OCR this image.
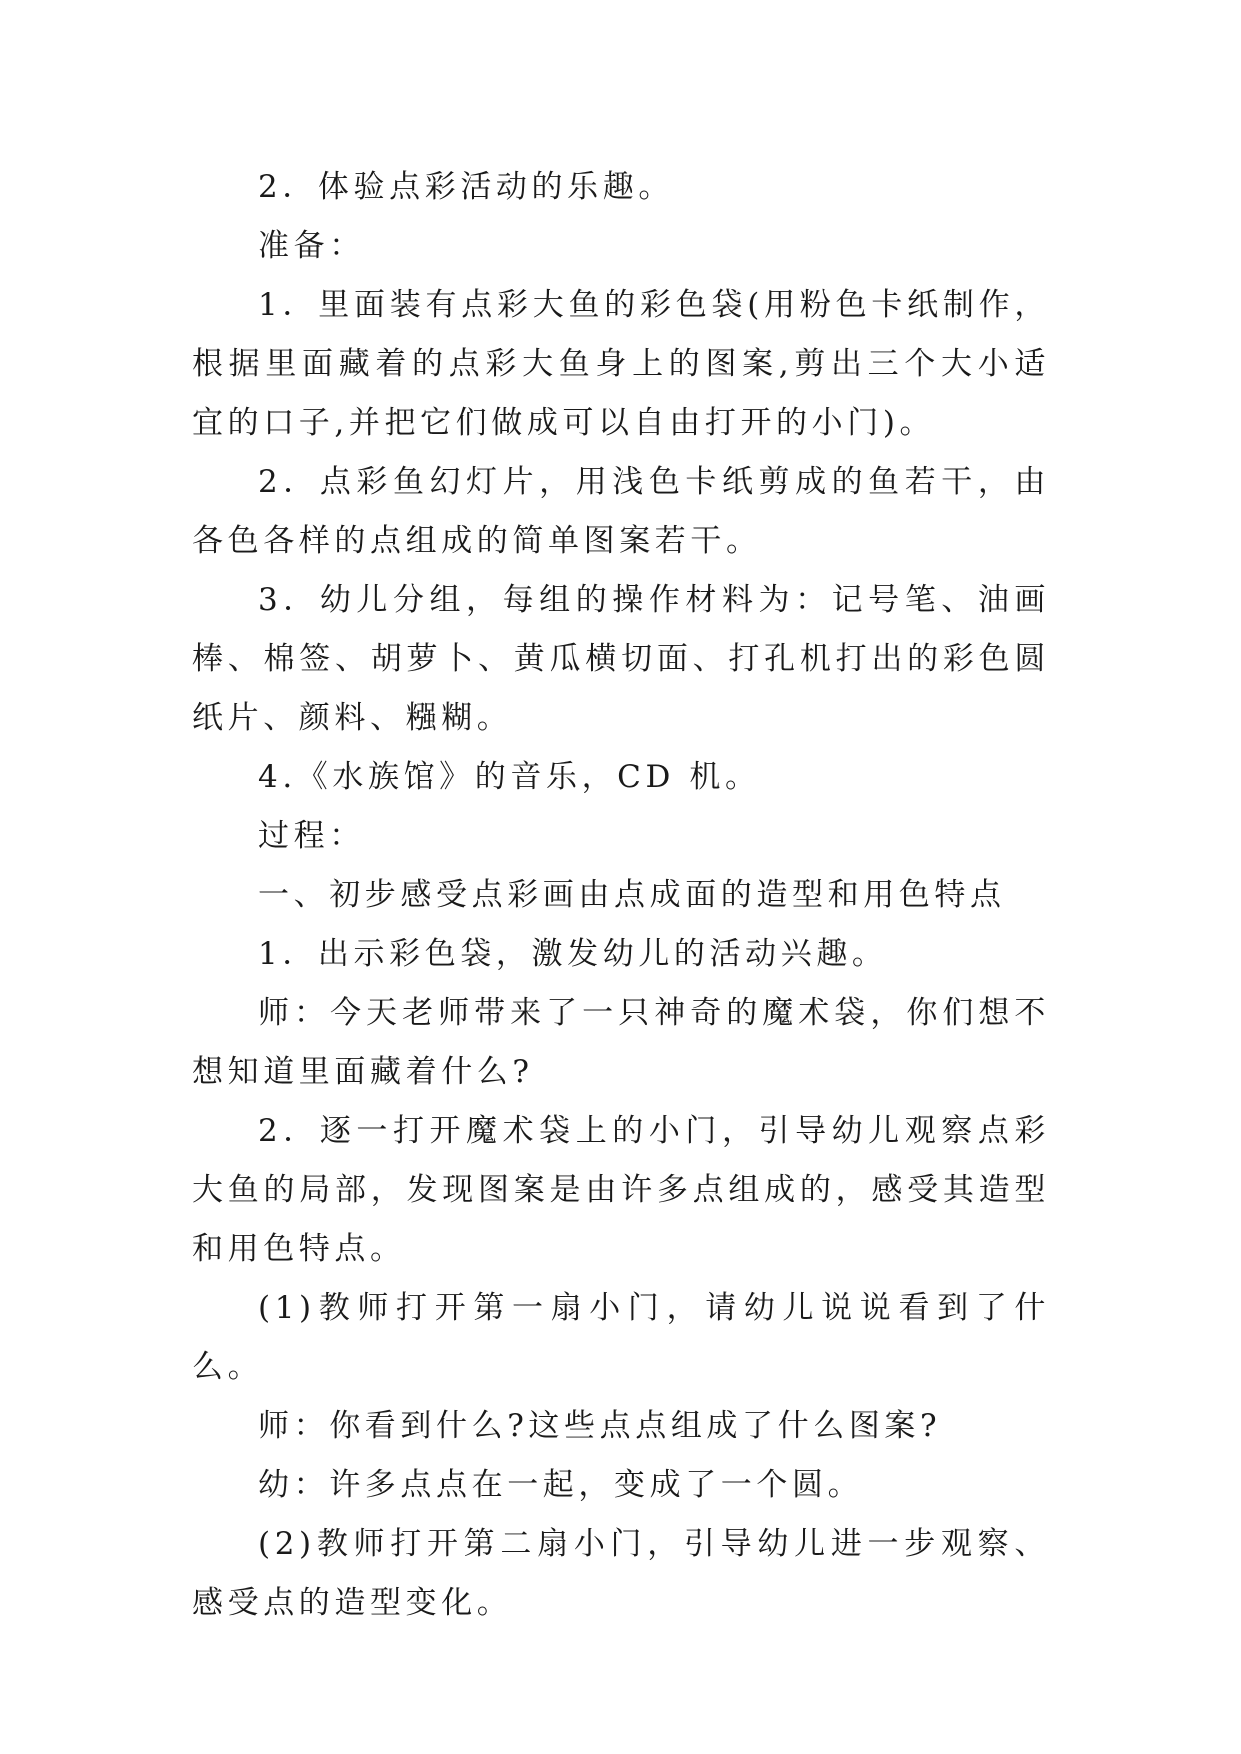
2．体验点彩活动的乐趣。

准备：

1．里面装有点彩大鱼的彩色袋(用粉色卡纸制作，根据里面藏着的点彩大鱼身上的图案,剪出三个大小适宜的口子,并把它们做成可以自由打开的小门)。

2．点彩鱼幻灯片，用浅色卡纸剪成的鱼若干，由各色各样的点组成的简单图案若干。

3．幼儿分组，每组的操作材料为：记号笔、油画棒、棉签、胡萝卜、黄瓜横切面、打孔机打出的彩色圆纸片、颜料、糨糊。

4.《水族馆》的音乐，CD 机。

过程：

一、初步感受点彩画由点成面的造型和用色特点

1．出示彩色袋，激发幼儿的活动兴趣。

师：今天老师带来了一只神奇的魔术袋，你们想不想知道里面藏着什么?

2．逐一打开魔术袋上的小门，引导幼儿观察点彩大鱼的局部，发现图案是由许多点组成的，感受其造型和用色特点。

(1)教师打开第一扇小门，请幼儿说说看到了什么。

师：你看到什么?这些点点组成了什么图案?

幼：许多点点在一起，变成了一个圆。

(2)教师打开第二扇小门，引导幼儿进一步观察、感受点的造型变化。
